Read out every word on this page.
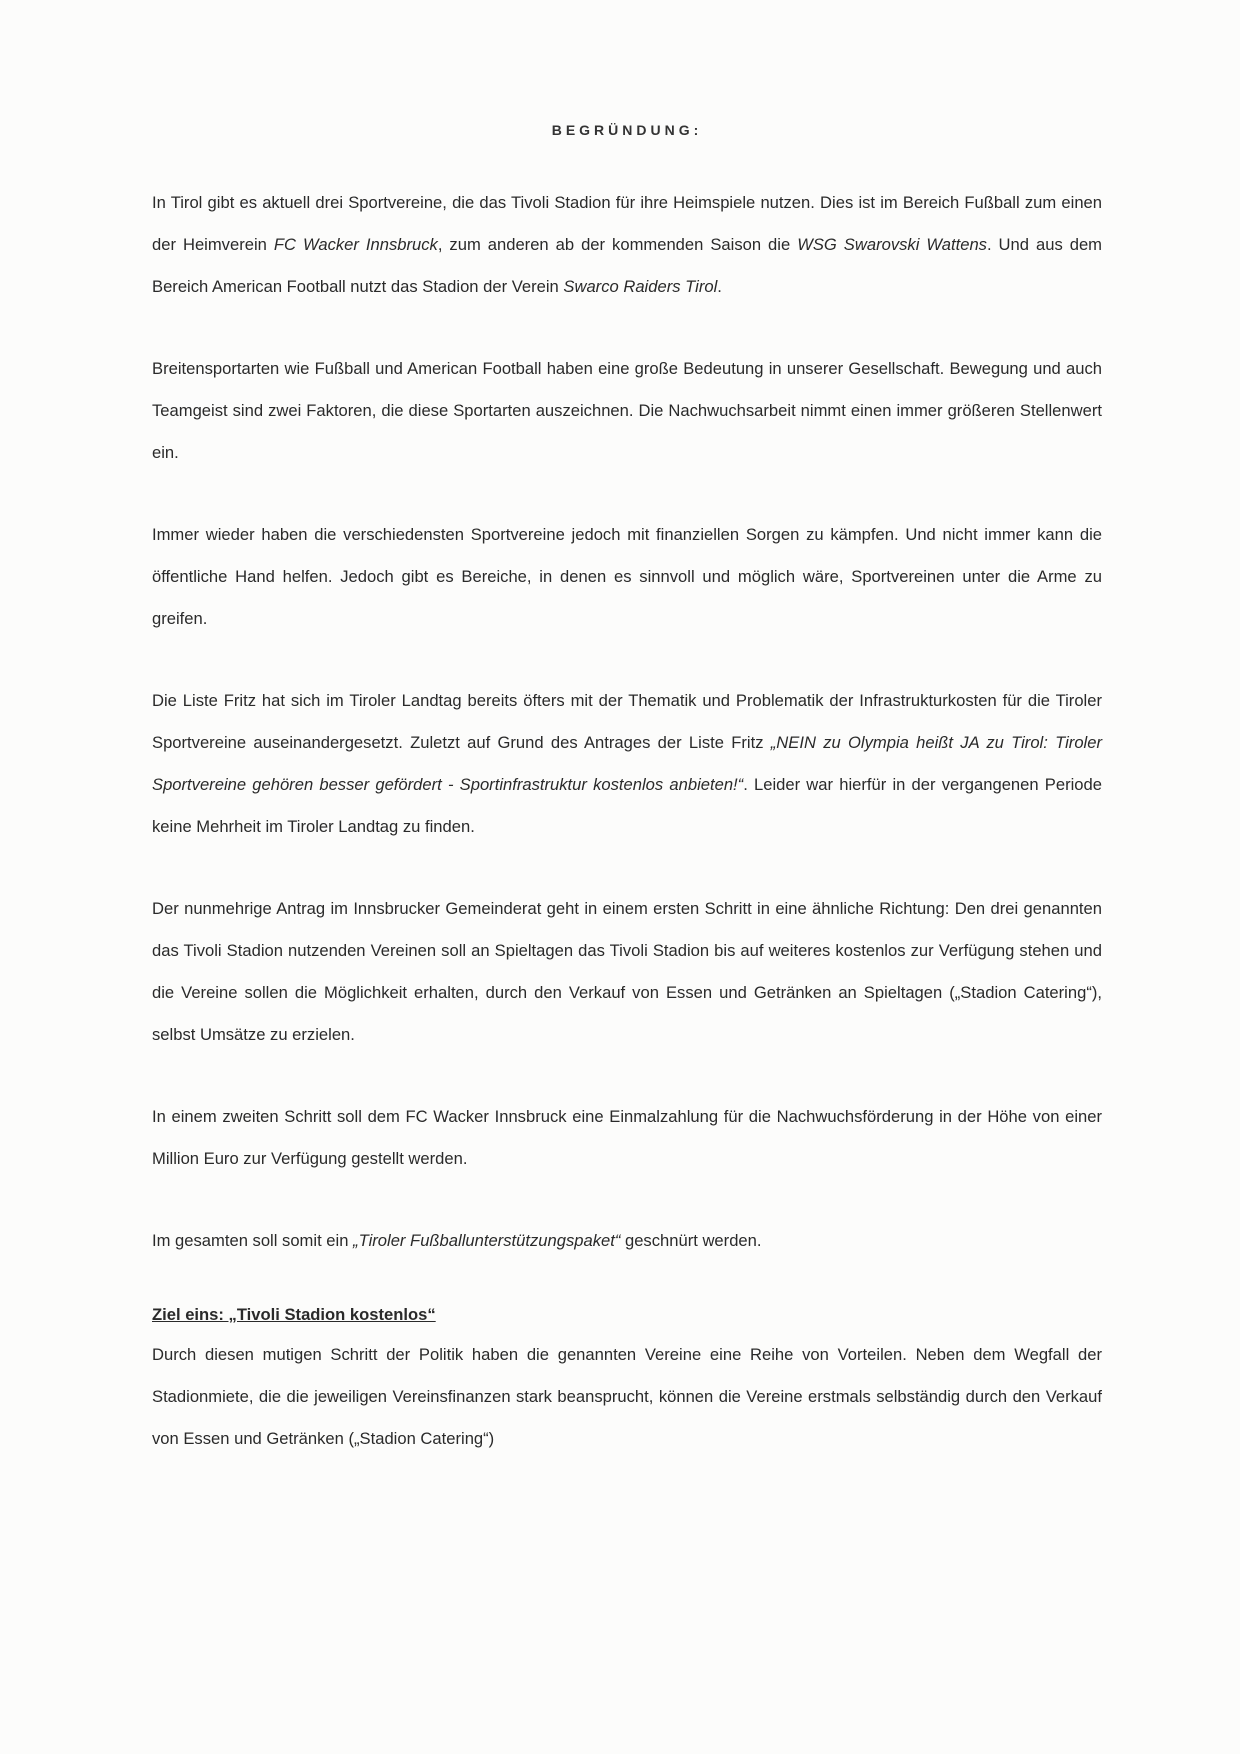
BEGRÜNDUNG:

In Tirol gibt es aktuell drei Sportvereine, die das Tivoli Stadion für ihre Heimspiele nutzen. Dies ist im Bereich Fußball zum einen der Heimverein FC Wacker Innsbruck, zum anderen ab der kommenden Saison die WSG Swarovski Wattens. Und aus dem Bereich American Football nutzt das Stadion der Verein Swarco Raiders Tirol.

Breitensportarten wie Fußball und American Football haben eine große Bedeutung in unserer Gesellschaft. Bewegung und auch Teamgeist sind zwei Faktoren, die diese Sportarten auszeichnen. Die Nachwuchsarbeit nimmt einen immer größeren Stellenwert ein.

Immer wieder haben die verschiedensten Sportvereine jedoch mit finanziellen Sorgen zu kämpfen. Und nicht immer kann die öffentliche Hand helfen. Jedoch gibt es Bereiche, in denen es sinnvoll und möglich wäre, Sportvereinen unter die Arme zu greifen.

Die Liste Fritz hat sich im Tiroler Landtag bereits öfters mit der Thematik und Problematik der Infrastrukturkosten für die Tiroler Sportvereine auseinandergesetzt. Zuletzt auf Grund des Antrages der Liste Fritz „NEIN zu Olympia heißt JA zu Tirol: Tiroler Sportvereine gehören besser gefördert - Sportinfrastruktur kostenlos anbieten!“. Leider war hierfür in der vergangenen Periode keine Mehrheit im Tiroler Landtag zu finden.

Der nunmehrige Antrag im Innsbrucker Gemeinderat geht in einem ersten Schritt in eine ähnliche Richtung: Den drei genannten das Tivoli Stadion nutzenden Vereinen soll an Spieltagen das Tivoli Stadion bis auf weiteres kostenlos zur Verfügung stehen und die Vereine sollen die Möglichkeit erhalten, durch den Verkauf von Essen und Getränken an Spieltagen („Stadion Catering“), selbst Umsätze zu erzielen.

In einem zweiten Schritt soll dem FC Wacker Innsbruck eine Einmalzahlung für die Nachwuchsförderung in der Höhe von einer Million Euro zur Verfügung gestellt werden.

Im gesamten soll somit ein „Tiroler Fußballunterstützungspaket“ geschnürt werden.

Ziel eins: „Tivoli Stadion kostenlos“

Durch diesen mutigen Schritt der Politik haben die genannten Vereine eine Reihe von Vorteilen. Neben dem Wegfall der Stadionmiete, die die jeweiligen Vereinsfinanzen stark beansprucht, können die Vereine erstmals selbständig durch den Verkauf von Essen und Getränken („Stadion Catering“)
